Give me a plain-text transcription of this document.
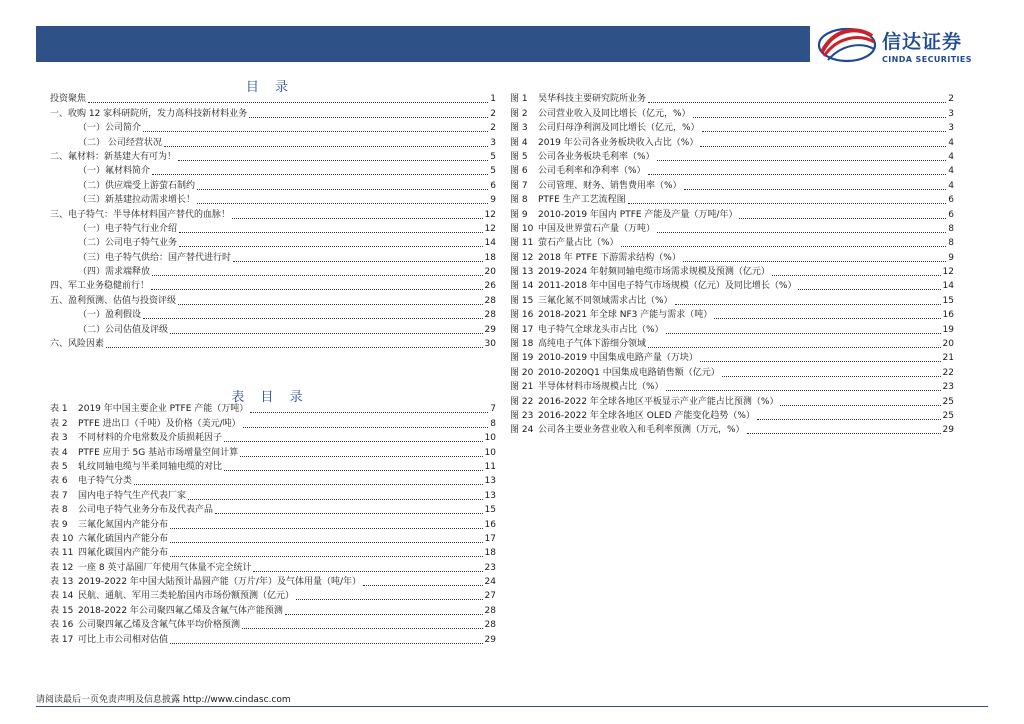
信达证券
CINDA SECURITIES
目 录
投资聚焦	1
一、收购 12 家科研院所，发力高科技新材料业务	2
（一）公司简介	2
（二） 公司经营状况	3
二、氟材料：新基建大有可为！	5
（一）氟材料简介	5
（二）供应端受上游萤石制约	6
（三）新基建拉动需求增长！	9
三、电子特气：半导体材料国产替代的血脉！	12
（一）电子特气行业介绍	12
（二）公司电子特气业务	14
（三）电子特气供给：国产替代进行时	18
（四）需求端释放	20
四、军工业务稳健前行！	26
五、盈利预测、估值与投资评级	28
（一）盈利假设	28
（二）公司估值及评级	29
六、风险因素	30
表 目 录
表 1	2019 年中国主要企业 PTFE 产能（万吨）	7
表 2	PTFE 进出口（千吨）及价格（美元/吨）	8
表 3	不同材料的介电常数及介质损耗因子	10
表 4	PTFE 应用于 5G 基站市场增量空间计算	10
表 5	轧纹同轴电缆与半柔同轴电缆的对比	11
表 6	电子特气分类	13
表 7	国内电子特气生产代表厂家	13
表 8	公司电子特气业务分布及代表产品	15
表 9	三氟化氮国内产能分布	16
表 10 六氟化硫国内产能分布	17
表 11 四氟化碳国内产能分布	18
表 12 一座 8 英寸晶圆厂年使用气体量不完全统计	23
表 13 2019-2022 年中国大陆预计晶圆产能（万片/年）及气体用量（吨/年）	24
表 14 民航、通航、军用三类轮胎国内市场份额预测（亿元）	27
表 15 2018-2022 年公司聚四氟乙烯及含氟气体产能预测	28
表 16 公司聚四氟乙烯及含氟气体平均价格预测	28
表 17 可比上市公司相对估值	29
图 1	昊华科技主要研究院所业务	2
图 2	公司营业收入及同比增长（亿元，%）	3
图 3	公司归母净利润及同比增长（亿元，%）	3
图 4	2019 年公司各业务板块收入占比（%）	4
图 5	公司各业务板块毛利率（%）	4
图 6	公司毛利率和净利率（%）	4
图 7	公司管理、财务、销售费用率（%）	4
图 8	PTFE 生产工艺流程图	6
图 9	2010-2019 年国内 PTFE 产能及产量（万吨/年）	6
图 10 中国及世界萤石产量（万吨）	8
图 11 萤石产量占比（%）	8
图 12 2018 年 PTFE 下游需求结构（%）	9
图 13 2019-2024 年射频同轴电缆市场需求规模及预测（亿元）	12
图 14 2011-2018 年中国电子特气市场规模（亿元）及同比增长（%）	14
图 15 三氟化氮不同领域需求占比（%）	15
图 16 2018-2021 年全球 NF3 产能与需求（吨）	16
图 17 电子特气全球龙头市占比（%）	19
图 18 高纯电子气体下游细分领域	20
图 19 2010-2019 中国集成电路产量（万块）	21
图 20 2010-2020Q1 中国集成电路销售额（亿元）	22
图 21 半导体材料市场规模占比（%）	23
图 22 2016-2022 年全球各地区平板显示产业产能占比预测（%）	25
图 23 2016-2022 年全球各地区 OLED 产能变化趋势（%）	25
图 24 公司各主要业务营业收入和毛利率预测（万元，%）	29
请阅读最后一页免责声明及信息披露 http://www.cindasc.com
